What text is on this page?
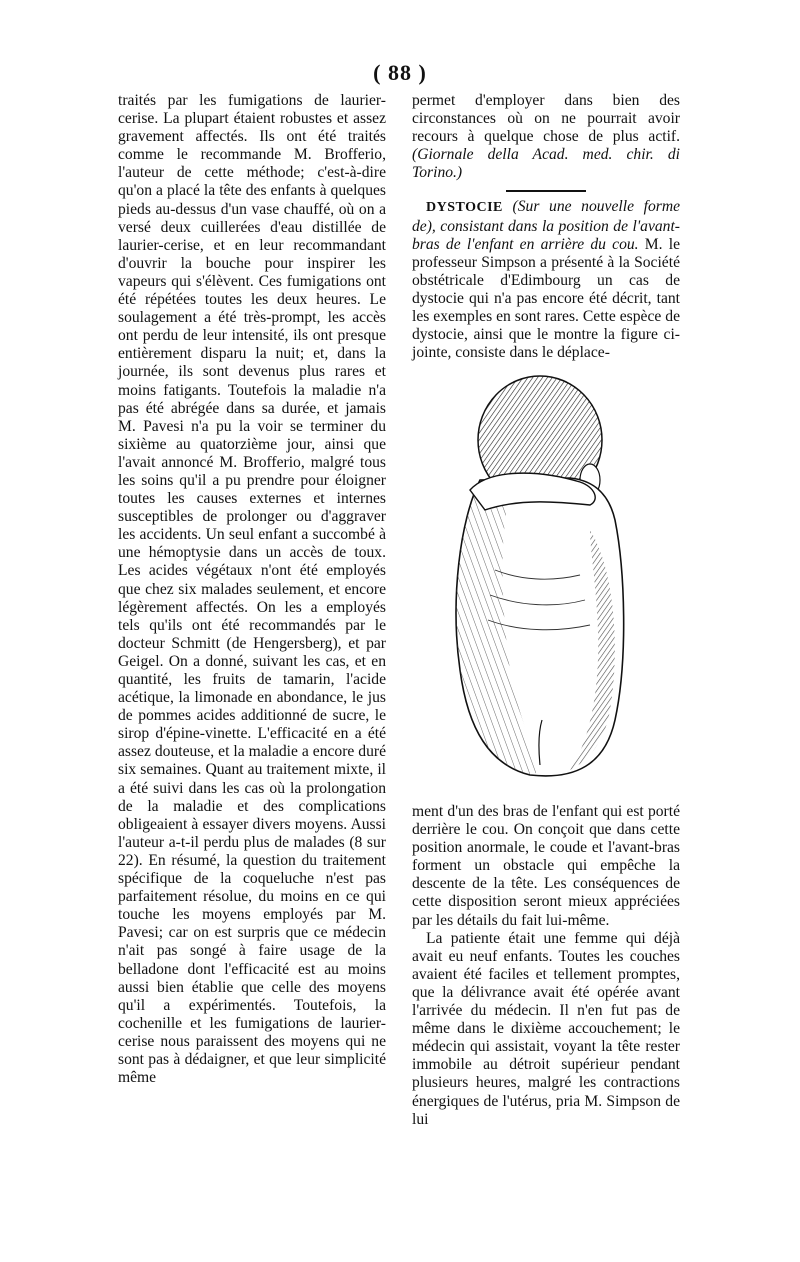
( 88 )

traités par les fumigations de laurier-cerise. La plupart étaient robustes et assez gravement affectés. Ils ont été traités comme le recommande M. Brofferio, l'auteur de cette méthode; c'est-à-dire qu'on a placé la tête des enfants à quelques pieds au-dessus d'un vase chauffé, où on a versé deux cuillerées d'eau distillée de laurier-cerise, et en leur recommandant d'ouvrir la bouche pour inspirer les vapeurs qui s'élèvent. Ces fumigations ont été répétées toutes les deux heures. Le soulagement a été très-prompt, les accès ont perdu de leur intensité, ils ont presque entièrement disparu la nuit; et, dans la journée, ils sont devenus plus rares et moins fatigants. Toutefois la maladie n'a pas été abrégée dans sa durée, et jamais M. Pavesi n'a pu la voir se terminer du sixième au quatorzième jour, ainsi que l'avait annoncé M. Brofferio, malgré tous les soins qu'il a pu prendre pour éloigner toutes les causes externes et internes susceptibles de prolonger ou d'aggraver les accidents. Un seul enfant a succombé à une hémoptysie dans un accès de toux. Les acides végétaux n'ont été employés que chez six malades seulement, et encore légèrement affectés. On les a employés tels qu'ils ont été recommandés par le docteur Schmitt (de Hengersberg), et par Geigel. On a donné, suivant les cas, et en quantité, les fruits de tamarin, l'acide acétique, la limonade en abondance, le jus de pommes acides additionné de sucre, le sirop d'épine-vinette. L'efficacité en a été assez douteuse, et la maladie a encore duré six semaines. Quant au traitement mixte, il a été suivi dans les cas où la prolongation de la maladie et des complications obligeaient à essayer divers moyens. Aussi l'auteur a-t-il perdu plus de malades (8 sur 22). En résumé, la question du traitement spécifique de la coqueluche n'est pas parfaitement résolue, du moins en ce qui touche les moyens employés par M. Pavesi; car on est surpris que ce médecin n'ait pas songé à faire usage de la belladone dont l'efficacité est au moins aussi bien établie que celle des moyens qu'il a expérimentés. Toutefois, la cochenille et les fumigations de laurier-cerise nous paraissent des moyens qui ne sont pas à dédaigner, et que leur simplicité même

permet d'employer dans bien des circonstances où on ne pourrait avoir recours à quelque chose de plus actif. (Giornale della Acad. med. chir. di Torino.)

DYSTOCIE (Sur une nouvelle forme de), consistant dans la position de l'avant-bras de l'enfant en arrière du cou. M. le professeur Simpson a présenté à la Société obstétricale d'Edimbourg un cas de dystocie qui n'a pas encore été décrit, tant les exemples en sont rares. Cette espèce de dystocie, ainsi que le montre la figure ci-jointe, consiste dans le déplace-

ment d'un des bras de l'enfant qui est porté derrière le cou. On conçoit que dans cette position anormale, le coude et l'avant-bras forment un obstacle qui empêche la descente de la tête. Les conséquences de cette disposition seront mieux appréciées par les détails du fait lui-même.

La patiente était une femme qui déjà avait eu neuf enfants. Toutes les couches avaient été faciles et tellement promptes, que la délivrance avait été opérée avant l'arrivée du médecin. Il n'en fut pas de même dans le dixième accouchement; le médecin qui assistait, voyant la tête rester immobile au détroit supérieur pendant plusieurs heures, malgré les contractions énergiques de l'utérus, pria M. Simpson de lui
